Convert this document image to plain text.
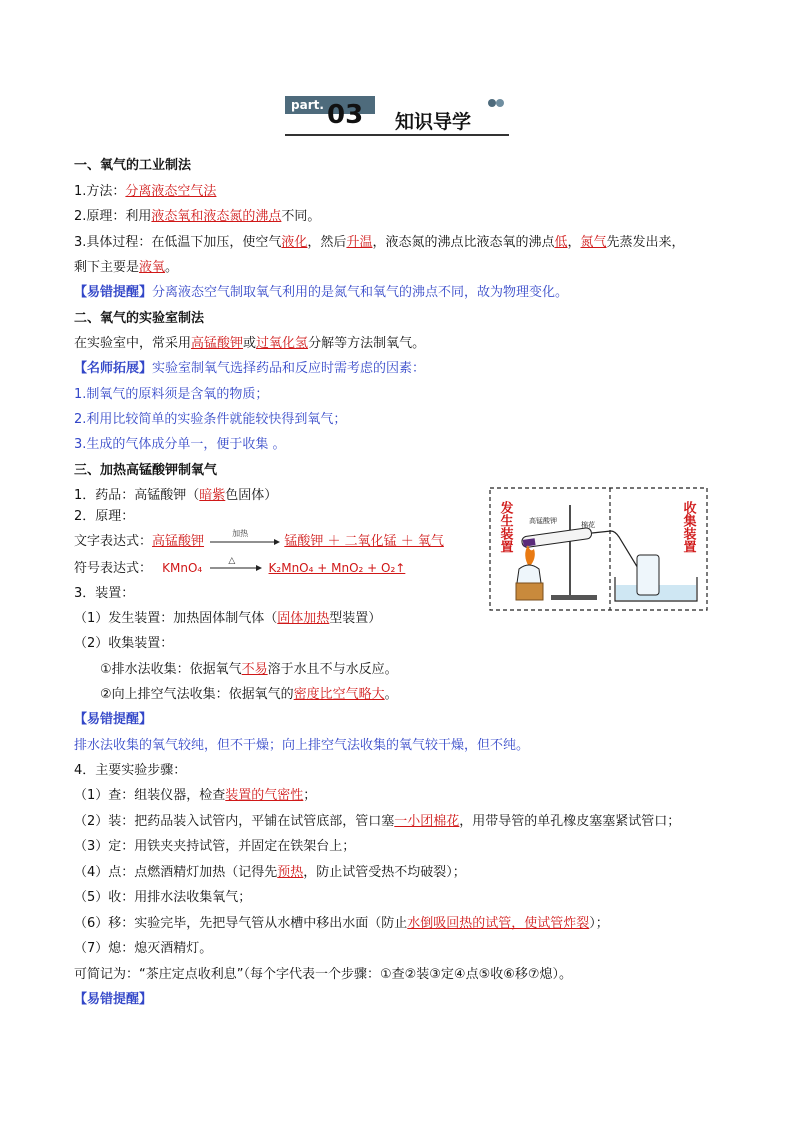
part. 03 知识导学
一、氧气的工业制法
1.方法：分离液态空气法
2.原理：利用液态氧和液态氮的沸点不同。
3.具体过程：在低温下加压，使空气液化，然后升温，液态氮的沸点比液态氧的沸点低，氮气先蒸发出来，
剩下主要是液氧。
【易错提醒】分离液态空气制取氧气利用的是氮气和氧气的沸点不同，故为物理变化。
二、氧气的实验室制法
在实验室中，常采用高锰酸钾或过氧化氢分解等方法制氧气。
【名师拓展】实验室制氧气选择药品和反应时需考虑的因素：
1.制氧气的原料须是含氧的物质；
2.利用比较简单的实验条件就能较快得到氧气；
3.生成的气体成分单一，便于收集 。
三、加热高锰酸钾制氧气
1．药品：高锰酸钾（暗紫色固体）
2．原理：
文字表达式：高锰酸钾
加热
锰酸钾 ＋ 二氧化锰 ＋ 氧气
符号表达式： KMnO₄	△	K₂MnO₄ + MnO₂ + O₂↑
3．装置：
（1）发生装置：加热固体制气体（固体加热型装置）
（2）收集装置：
①排水法收集：依据氧气不易溶于水且不与水反应。
②向上排空气法收集：依据氧气的密度比空气略大。
【易错提醒】
排水法收集的氧气较纯，但不干燥；向上排空气法收集的氧气较干燥，但不纯。
4．主要实验步骤：
（1）查：组装仪器，检查装置的气密性；
（2）装：把药品装入试管内，平铺在试管底部，管口塞一小团棉花，用带导管的单孔橡皮塞塞紧试管口；
（3）定：用铁夹夹持试管，并固定在铁架台上；
（4）点：点燃酒精灯加热（记得先预热，防止试管受热不均破裂）；
（5）收：用排水法收集氧气；
（6）移：实验完毕，先把导气管从水槽中移出水面（防止水倒吸回热的试管，使试管炸裂）；
（7）熄：熄灭酒精灯。
可简记为：“茶庄定点收利息”（每个字代表一个步骤：①查②装③定④点⑤收⑥移⑦熄）。
【易错提醒】
发生装置	收集装置
高锰酸钾	棉花
